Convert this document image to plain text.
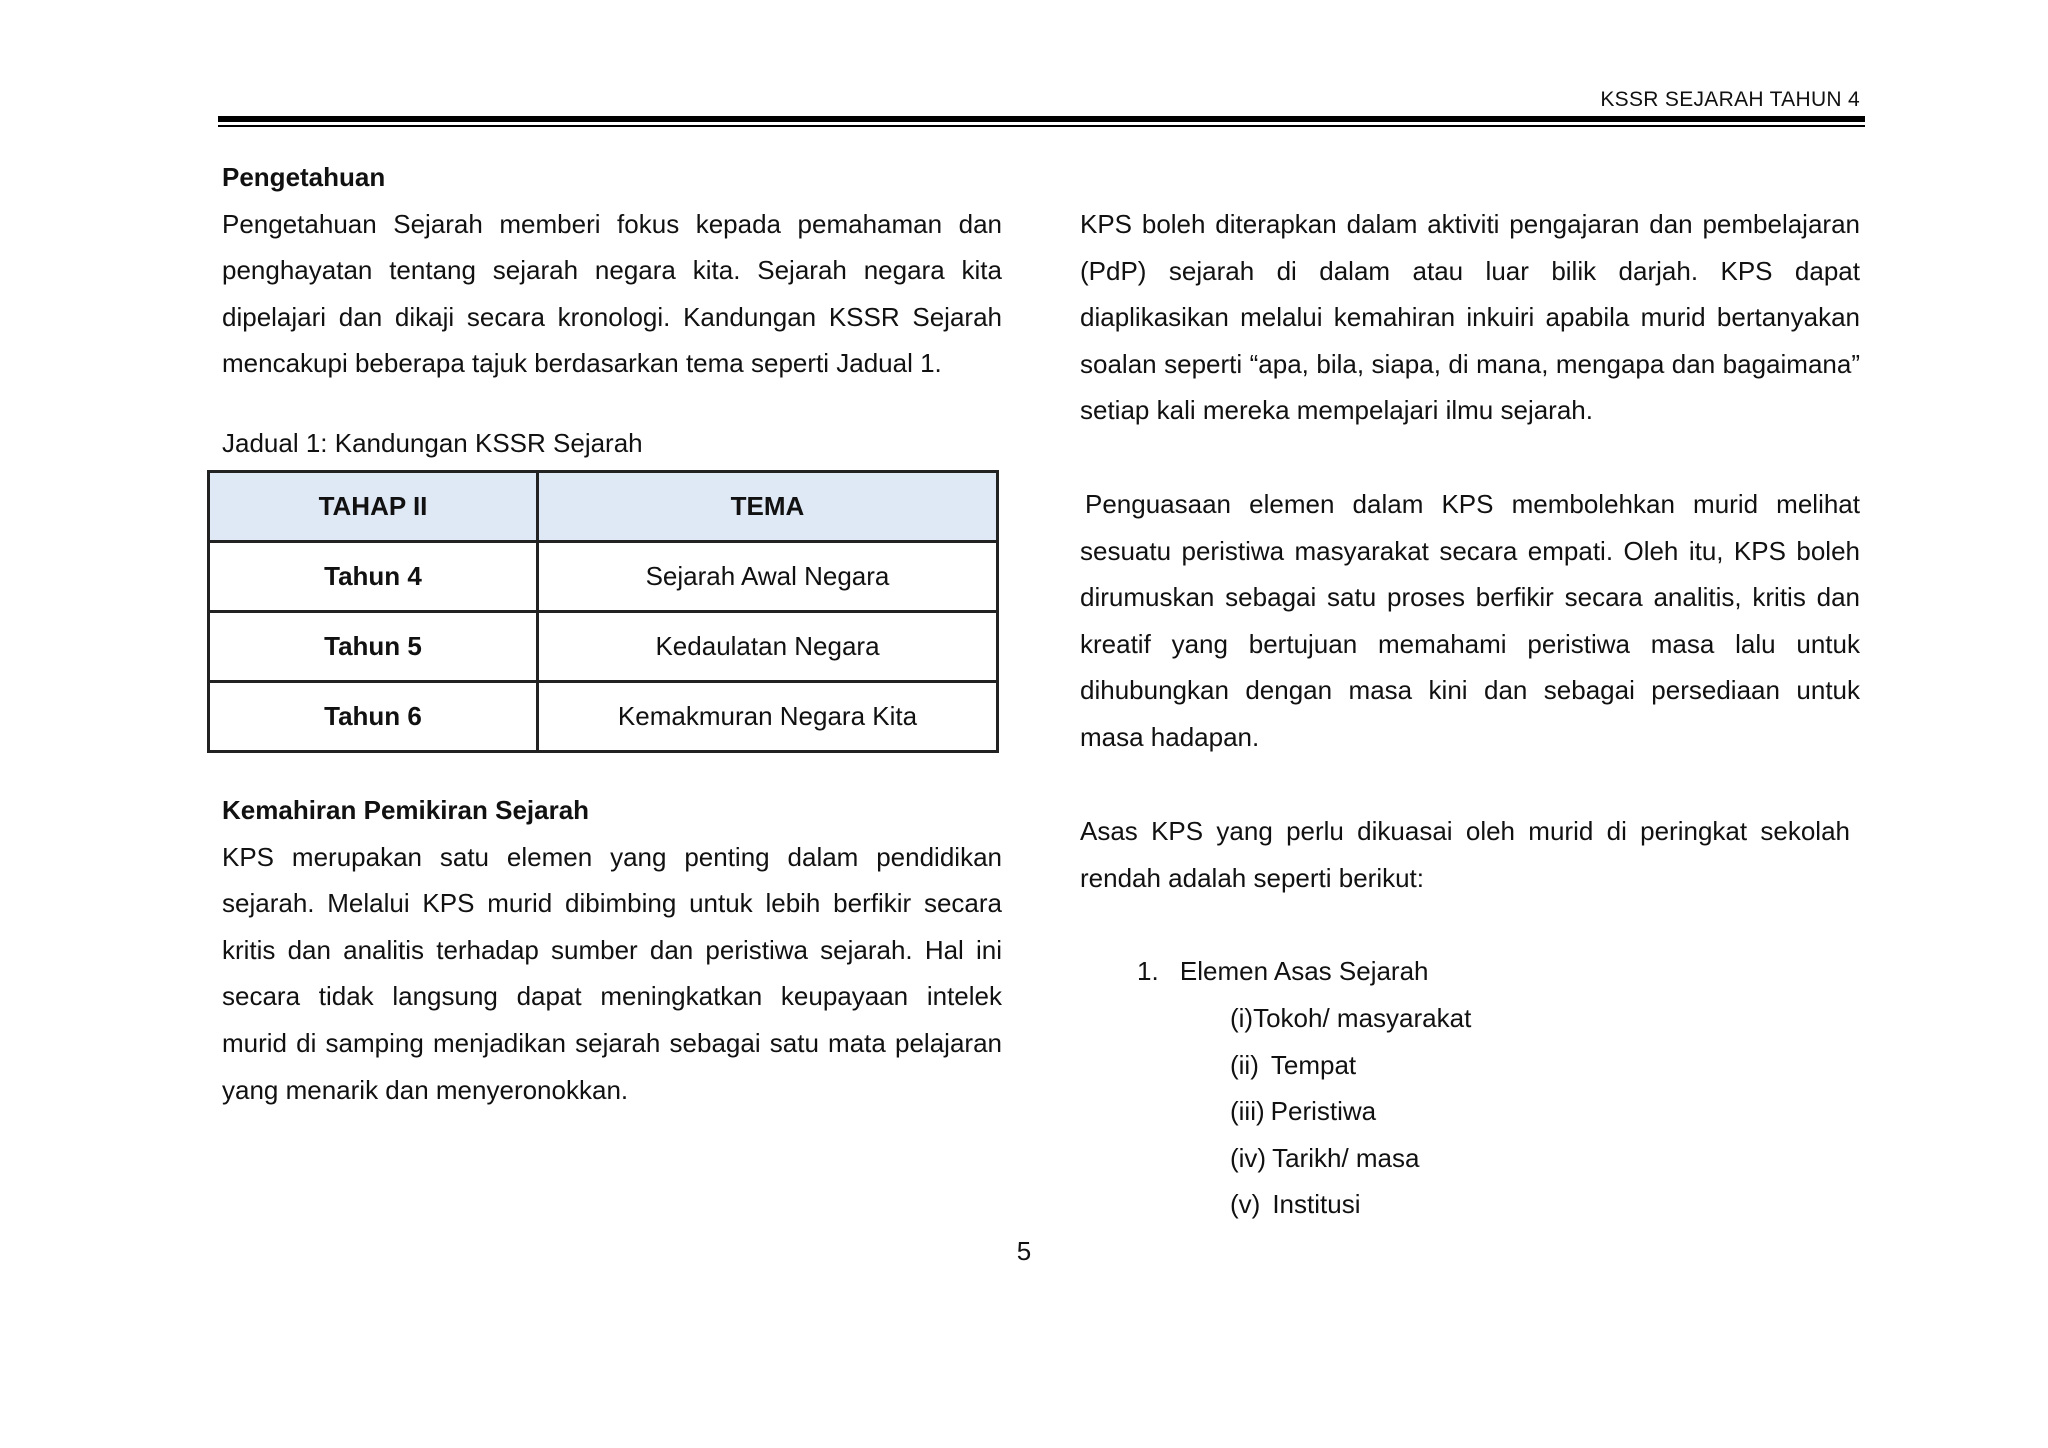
KSSR SEJARAH TAHUN 4

Pengetahuan

Pengetahuan Sejarah memberi fokus kepada pemahaman dan penghayatan tentang sejarah negara kita. Sejarah negara kita dipelajari dan dikaji secara kronologi. Kandungan KSSR Sejarah mencakupi beberapa tajuk berdasarkan tema seperti Jadual 1.

Jadual 1: Kandungan KSSR Sejarah
TAHAP II	TEMA
Tahun 4	Sejarah Awal Negara
Tahun 5	Kedaulatan Negara
Tahun 6	Kemakmuran Negara Kita

Kemahiran Pemikiran Sejarah

KPS merupakan satu elemen yang penting dalam pendidikan sejarah. Melalui KPS murid dibimbing untuk lebih berfikir secara kritis dan analitis terhadap sumber dan peristiwa sejarah. Hal ini secara tidak langsung dapat meningkatkan keupayaan intelek murid di samping menjadikan sejarah sebagai satu mata pelajaran yang menarik dan menyeronokkan.

KPS boleh diterapkan dalam aktiviti pengajaran dan pembelajaran (PdP) sejarah di dalam atau luar bilik darjah. KPS dapat diaplikasikan melalui kemahiran inkuiri apabila murid bertanyakan soalan seperti “apa, bila, siapa, di mana, mengapa dan bagaimana” setiap kali mereka mempelajari ilmu sejarah.

Penguasaan elemen dalam KPS membolehkan murid melihat sesuatu peristiwa masyarakat secara empati. Oleh itu, KPS boleh dirumuskan sebagai satu proses berfikir secara analitis, kritis dan kreatif yang bertujuan memahami peristiwa masa lalu untuk dihubungkan dengan masa kini dan sebagai persediaan untuk masa hadapan.

Asas KPS yang perlu dikuasai oleh murid di peringkat sekolah rendah adalah seperti berikut:

1. Elemen Asas Sejarah
(i)Tokoh/ masyarakat
(ii) Tempat
(iii) Peristiwa
(iv) Tarikh/ masa
(v) Institusi
5
